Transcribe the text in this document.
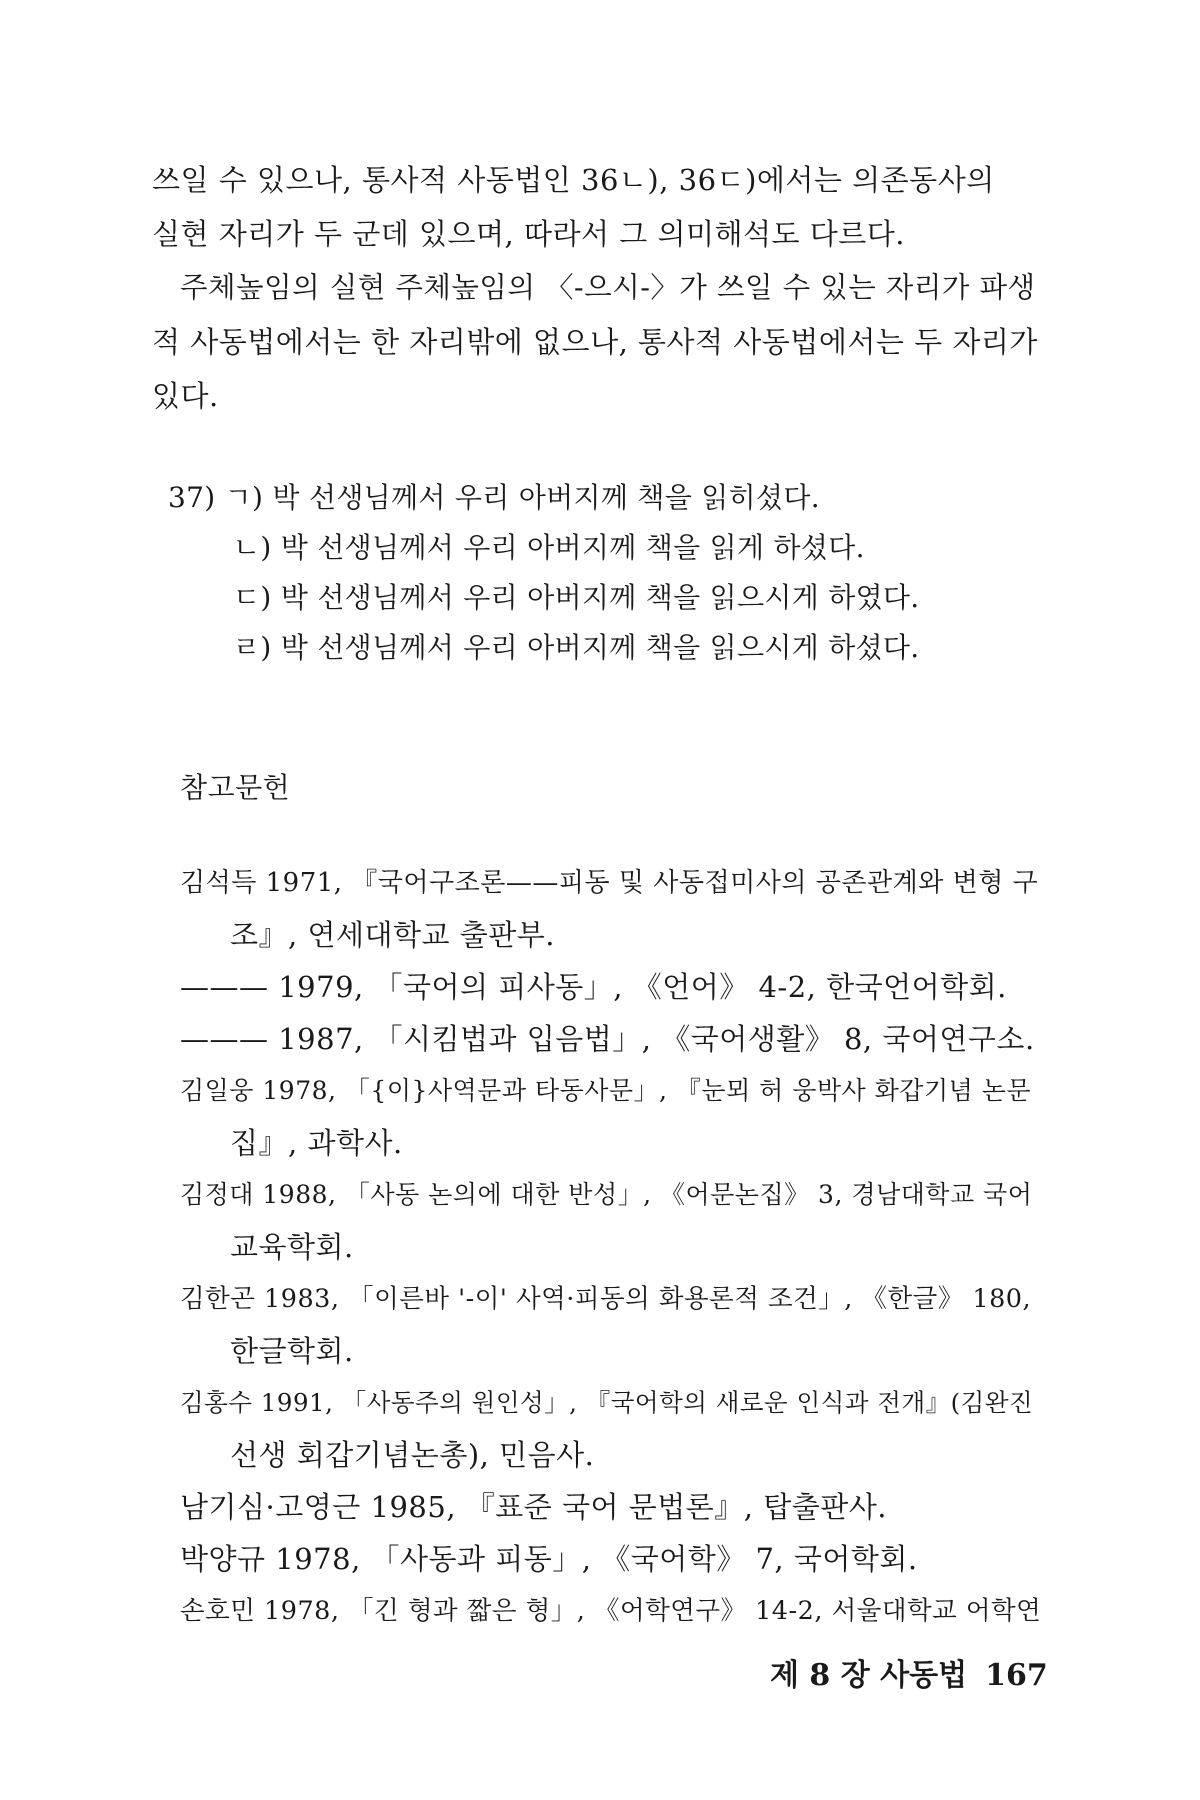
쓰일 수 있으나, 통사적 사동법인 36ㄴ), 36ㄷ)에서는 의존동사의
실현 자리가 두 군데 있으며, 따라서 그 의미해석도 다르다.
주체높임의 실현 주체높임의 〈-으시-〉가 쓰일 수 있는 자리가 파생
적 사동법에서는 한 자리밖에 없으나, 통사적 사동법에서는 두 자리가
있다.
37) ㄱ) 박 선생님께서 우리 아버지께 책을 읽히셨다.
ㄴ) 박 선생님께서 우리 아버지께 책을 읽게 하셨다.
ㄷ) 박 선생님께서 우리 아버지께 책을 읽으시게 하였다.
ㄹ) 박 선생님께서 우리 아버지께 책을 읽으시게 하셨다.
참고문헌
김석득 1971, 『국어구조론——피동 및 사동접미사의 공존관계와 변형 구
조』, 연세대학교 출판부.
——— 1979, 「국어의 피사동」, 《언어》 4-2, 한국언어학회.
——— 1987, 「시킴법과 입음법」, 《국어생활》 8, 국어연구소.
김일웅 1978, 「{이}사역문과 타동사문」, 『눈뫼 허 웅박사 화갑기념 논문
집』, 과학사.
김정대 1988, 「사동 논의에 대한 반성」, 《어문논집》 3, 경남대학교 국어
교육학회.
김한곤 1983, 「이른바 '-이' 사역·피동의 화용론적 조건」, 《한글》 180,
한글학회.
김홍수 1991, 「사동주의 원인성」, 『국어학의 새로운 인식과 전개』(김완진
선생 회갑기념논총), 민음사.
남기심·고영근 1985, 『표준 국어 문법론』, 탑출판사.
박양규 1978, 「사동과 피동」, 《국어학》 7, 국어학회.
손호민 1978, 「긴 형과 짧은 형」, 《어학연구》 14-2, 서울대학교 어학연
제 8 장 사동법 167
